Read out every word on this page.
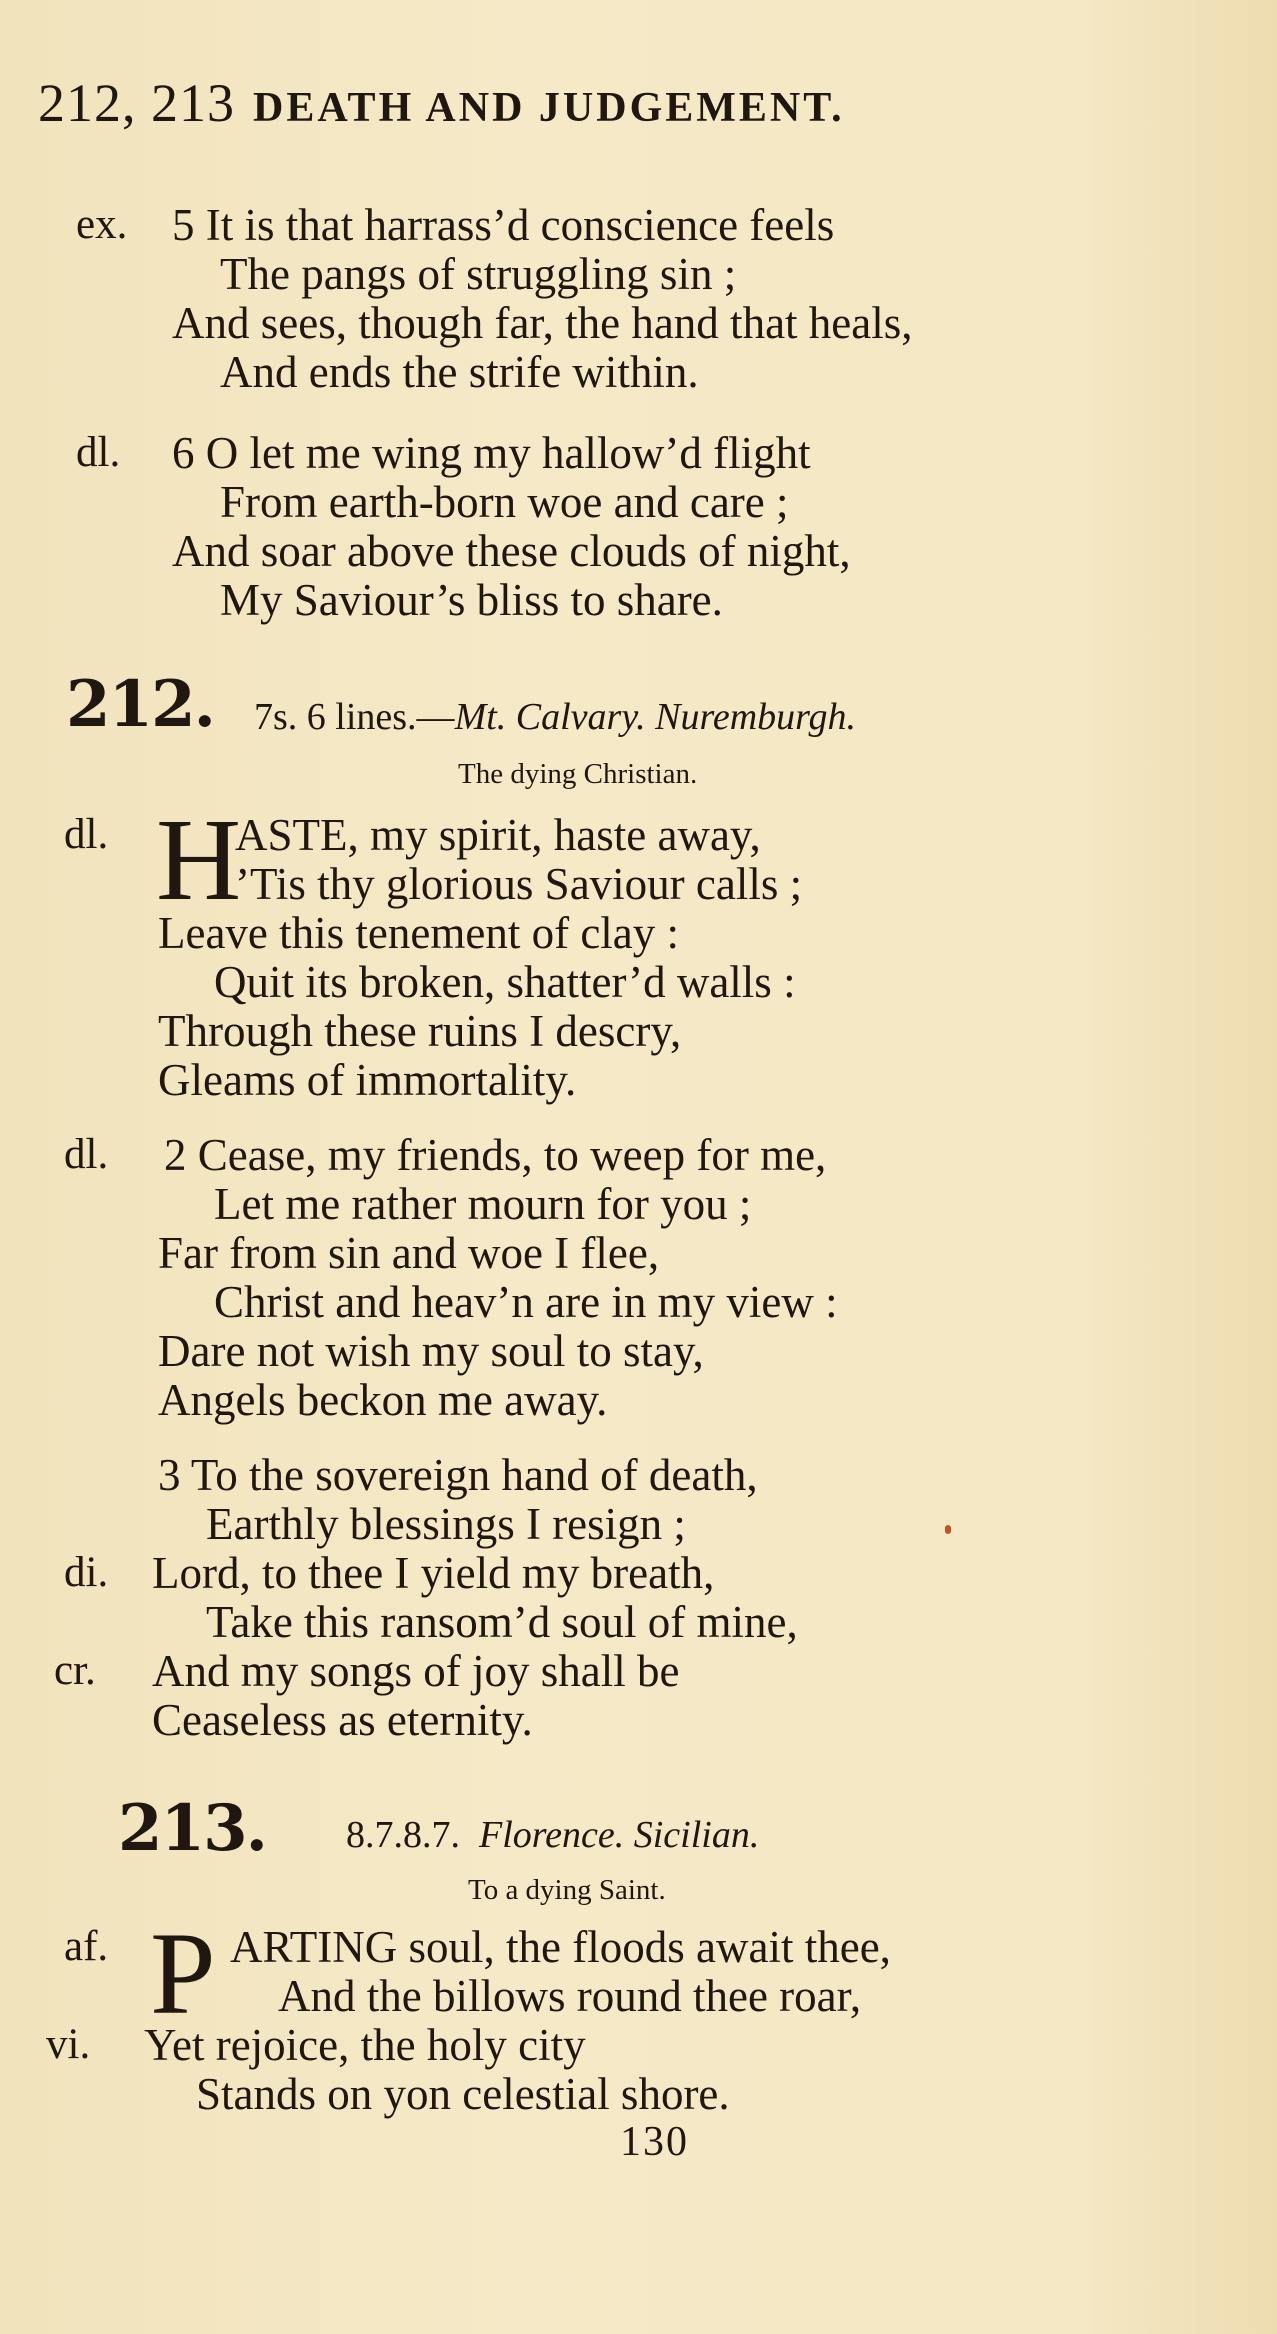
212, 213 DEATH AND JUDGEMENT.
ex. 5 It is that harrass’d conscience feels
The pangs of struggling sin ;
And sees, though far, the hand that heals,
And ends the strife within.
dl. 6 O let me wing my hallow’d flight
From earth-born woe and care ;
And soar above these clouds of night,
My Saviour’s bliss to share.
212. 7s. 6 lines.—Mt. Calvary. Nuremburgh.
The dying Christian.
dl. H
ASTE, my spirit, haste away,
’Tis thy glorious Saviour calls ;
Leave this tenement of clay :
Quit its broken, shatter’d walls :
Through these ruins I descry,
Gleams of immortality.
dl. 2 Cease, my friends, to weep for me,
Let me rather mourn for you ;
Far from sin and woe I flee,
Christ and heav’n are in my view :
Dare not wish my soul to stay,
Angels beckon me away.
3 To the sovereign hand of death,
Earthly blessings I resign ;
di. Lord, to thee I yield my breath,
Take this ransom’d soul of mine,
cr. And my songs of joy shall be
Ceaseless as eternity.
213. 8.7.8.7. Florence. Sicilian.
To a dying Saint.
af. P ARTING soul, the floods await thee,
And the billows round thee roar,
vi. Yet rejoice, the holy city
Stands on yon celestial shore.
130
